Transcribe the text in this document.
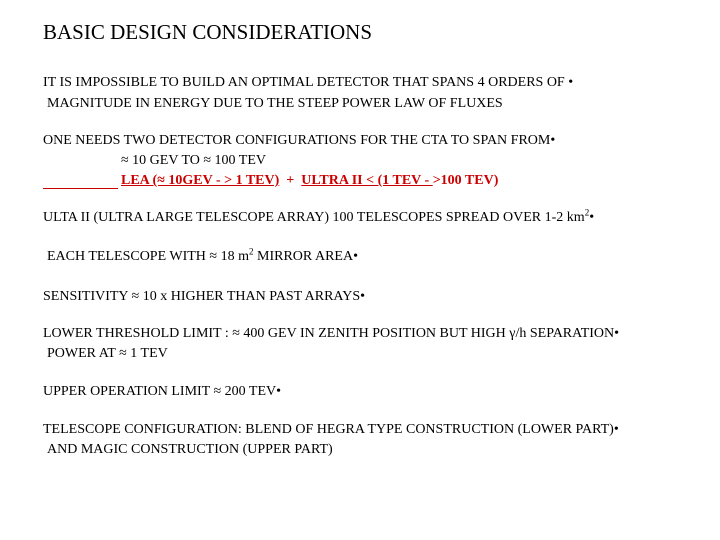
BASIC DESIGN CONSIDERATIONS
IT IS IMPOSSIBLE TO BUILD AN OPTIMAL DETECTOR THAT SPANS 4 ORDERS OF •
MAGNITUDE IN ENERGY DUE TO THE STEEP POWER LAW OF FLUXES
ONE NEEDS TWO DETECTOR CONFIGURATIONS FOR THE CTA TO SPAN FROM•
≈ 10 GEV TO ≈ 100 TEV
LEA (≈ 10GEV - > 1 TEV)  +  ULTRA II < (1 TEV - >100 TEV)
ULTA II (ULTRA LARGE TELESCOPE ARRAY) 100 TELESCOPES SPREAD OVER 1-2 $km^2•$
EACH TELESCOPE WITH ≈ 18 $m^2$ MIRROR AREA•
SENSITIVITY ≈ 10 x HIGHER THAN PAST ARRAYS•
LOWER THRESHOLD LIMIT : ≈ 400 GEV IN ZENITH POSITION BUT HIGH γ/h SEPARATION•
POWER AT ≈ 1 TEV
UPPER OPERATION LIMIT ≈ 200 TEV•
TELESCOPE CONFIGURATION: BLEND OF HEGRA TYPE CONSTRUCTION (LOWER PART)•
AND MAGIC CONSTRUCTION (UPPER PART)
